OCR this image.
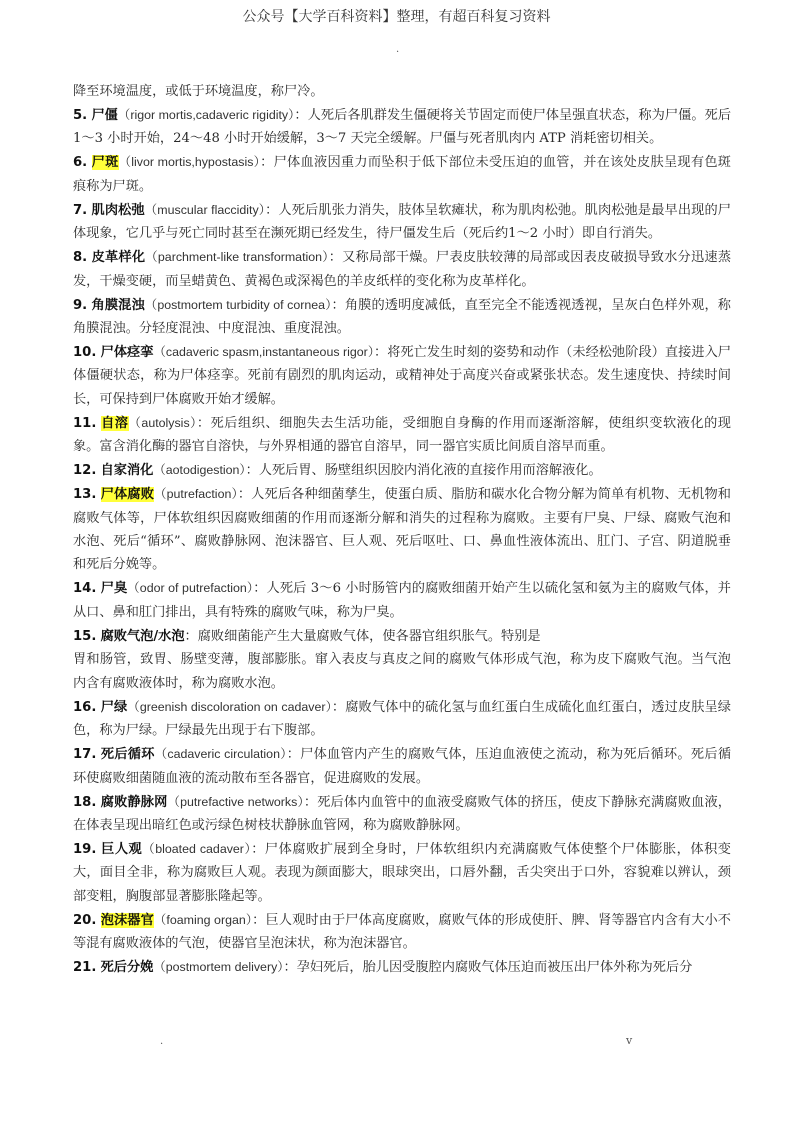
公众号【大学百科资料】整理，有超百科复习资料
.

降至环境温度，或低于环境温度，称尸冷。

5. 尸僵（rigor mortis,cadaveric rigidity）：人死后各肌群发生僵硬将关节固定而使尸体呈强直状态，称为尸僵。死后 1～3 小时开始，24～48 小时开始缓解，3～7 天完全缓解。尸僵与死者肌肉内 ATP 消耗密切相关。

6. 尸斑（livor mortis,hypostasis）：尸体血液因重力而坠积于低下部位未受压迫的血管，并在该处皮肤呈现有色斑痕称为尸斑。

7. 肌肉松弛（muscular flaccidity）：人死后肌张力消失，肢体呈软瘫状，称为肌肉松弛。肌肉松弛是最早出现的尸体现象，它几乎与死亡同时甚至在濒死期已经发生，待尸僵发生后（死后约1～2 小时）即自行消失。

8. 皮革样化（parchment-like transformation）：又称局部干燥。尸表皮肤较薄的局部或因表皮破损导致水分迅速蒸发，干燥变硬，而呈蜡黄色、黄褐色或深褐色的羊皮纸样的变化称为皮革样化。

9. 角膜混浊（postmortem turbidity of cornea）：角膜的透明度减低，直至完全不能透视透视，呈灰白色样外观，称角膜混浊。分轻度混浊、中度混浊、重度混浊。

10. 尸体痉挛（cadaveric spasm,instantaneous rigor）：将死亡发生时刻的姿势和动作（未经松弛阶段）直接进入尸体僵硬状态，称为尸体痉挛。死前有剧烈的肌肉运动，或精神处于高度兴奋或紧张状态。发生速度快、持续时间长，可保持到尸体腐败开始才缓解。

11. 自溶（autolysis）：死后组织、细胞失去生活功能，受细胞自身酶的作用而逐渐溶解，使组织变软液化的现象。富含消化酶的器官自溶快，与外界相通的器官自溶早，同一器官实质比间质自溶早而重。

12. 自家消化（aotodigestion）：人死后胃、肠壁组织因胶内消化液的直接作用而溶解液化。

13. 尸体腐败（putrefaction）：人死后各种细菌孳生，使蛋白质、脂肪和碳水化合物分解为简单有机物、无机物和腐败气体等，尸体软组织因腐败细菌的作用而逐渐分解和消失的过程称为腐败。主要有尸臭、尸绿、腐败气泡和水泡、死后“循环”、腐败静脉网、泡沫器官、巨人观、死后呕吐、口、鼻血性液体流出、肛门、子宫、阴道脱垂和死后分娩等。

14. 尸臭（odor of putrefaction）：人死后 3～6 小时肠管内的腐败细菌开始产生以硫化氢和氨为主的腐败气体，并从口、鼻和肛门排出，具有特殊的腐败气味，称为尸臭。

15. 腐败气泡/水泡：腐败细菌能产生大量腐败气体，使各器官组织胀气。特别是

胃和肠管，致胃、肠壁变薄，腹部膨胀。窜入表皮与真皮之间的腐败气体形成气泡，称为皮下腐败气泡。当气泡内含有腐败液体时，称为腐败水泡。

16. 尸绿（greenish discoloration on cadaver）：腐败气体中的硫化氢与血红蛋白生成硫化血红蛋白，透过皮肤呈绿色，称为尸绿。尸绿最先出现于右下腹部。

17. 死后循环（cadaveric circulation）：尸体血管内产生的腐败气体，压迫血液使之流动，称为死后循环。死后循环使腐败细菌随血液的流动散布至各器官，促进腐败的发展。

18. 腐败静脉网（putrefactive networks）：死后体内血管中的血液受腐败气体的挤压，使皮下静脉充满腐败血液，在体表呈现出暗红色或污绿色树枝状静脉血管网，称为腐败静脉网。

19. 巨人观（bloated cadaver）：尸体腐败扩展到全身时，尸体软组织内充满腐败气体使整个尸体膨胀，体积变大，面目全非，称为腐败巨人观。表现为颜面膨大，眼球突出，口唇外翻，舌尖突出于口外，容貌难以辨认，颈部变粗，胸腹部显著膨胀隆起等。

20. 泡沫器官（foaming organ）：巨人观时由于尸体高度腐败，腐败气体的形成使肝、脾、肾等器官内含有大小不等混有腐败液体的气泡，使器官呈泡沫状，称为泡沫器官。

21. 死后分娩（postmortem delivery）：孕妇死后，胎儿因受腹腔内腐败气体压迫而被压出尸体外称为死后分

.	v
